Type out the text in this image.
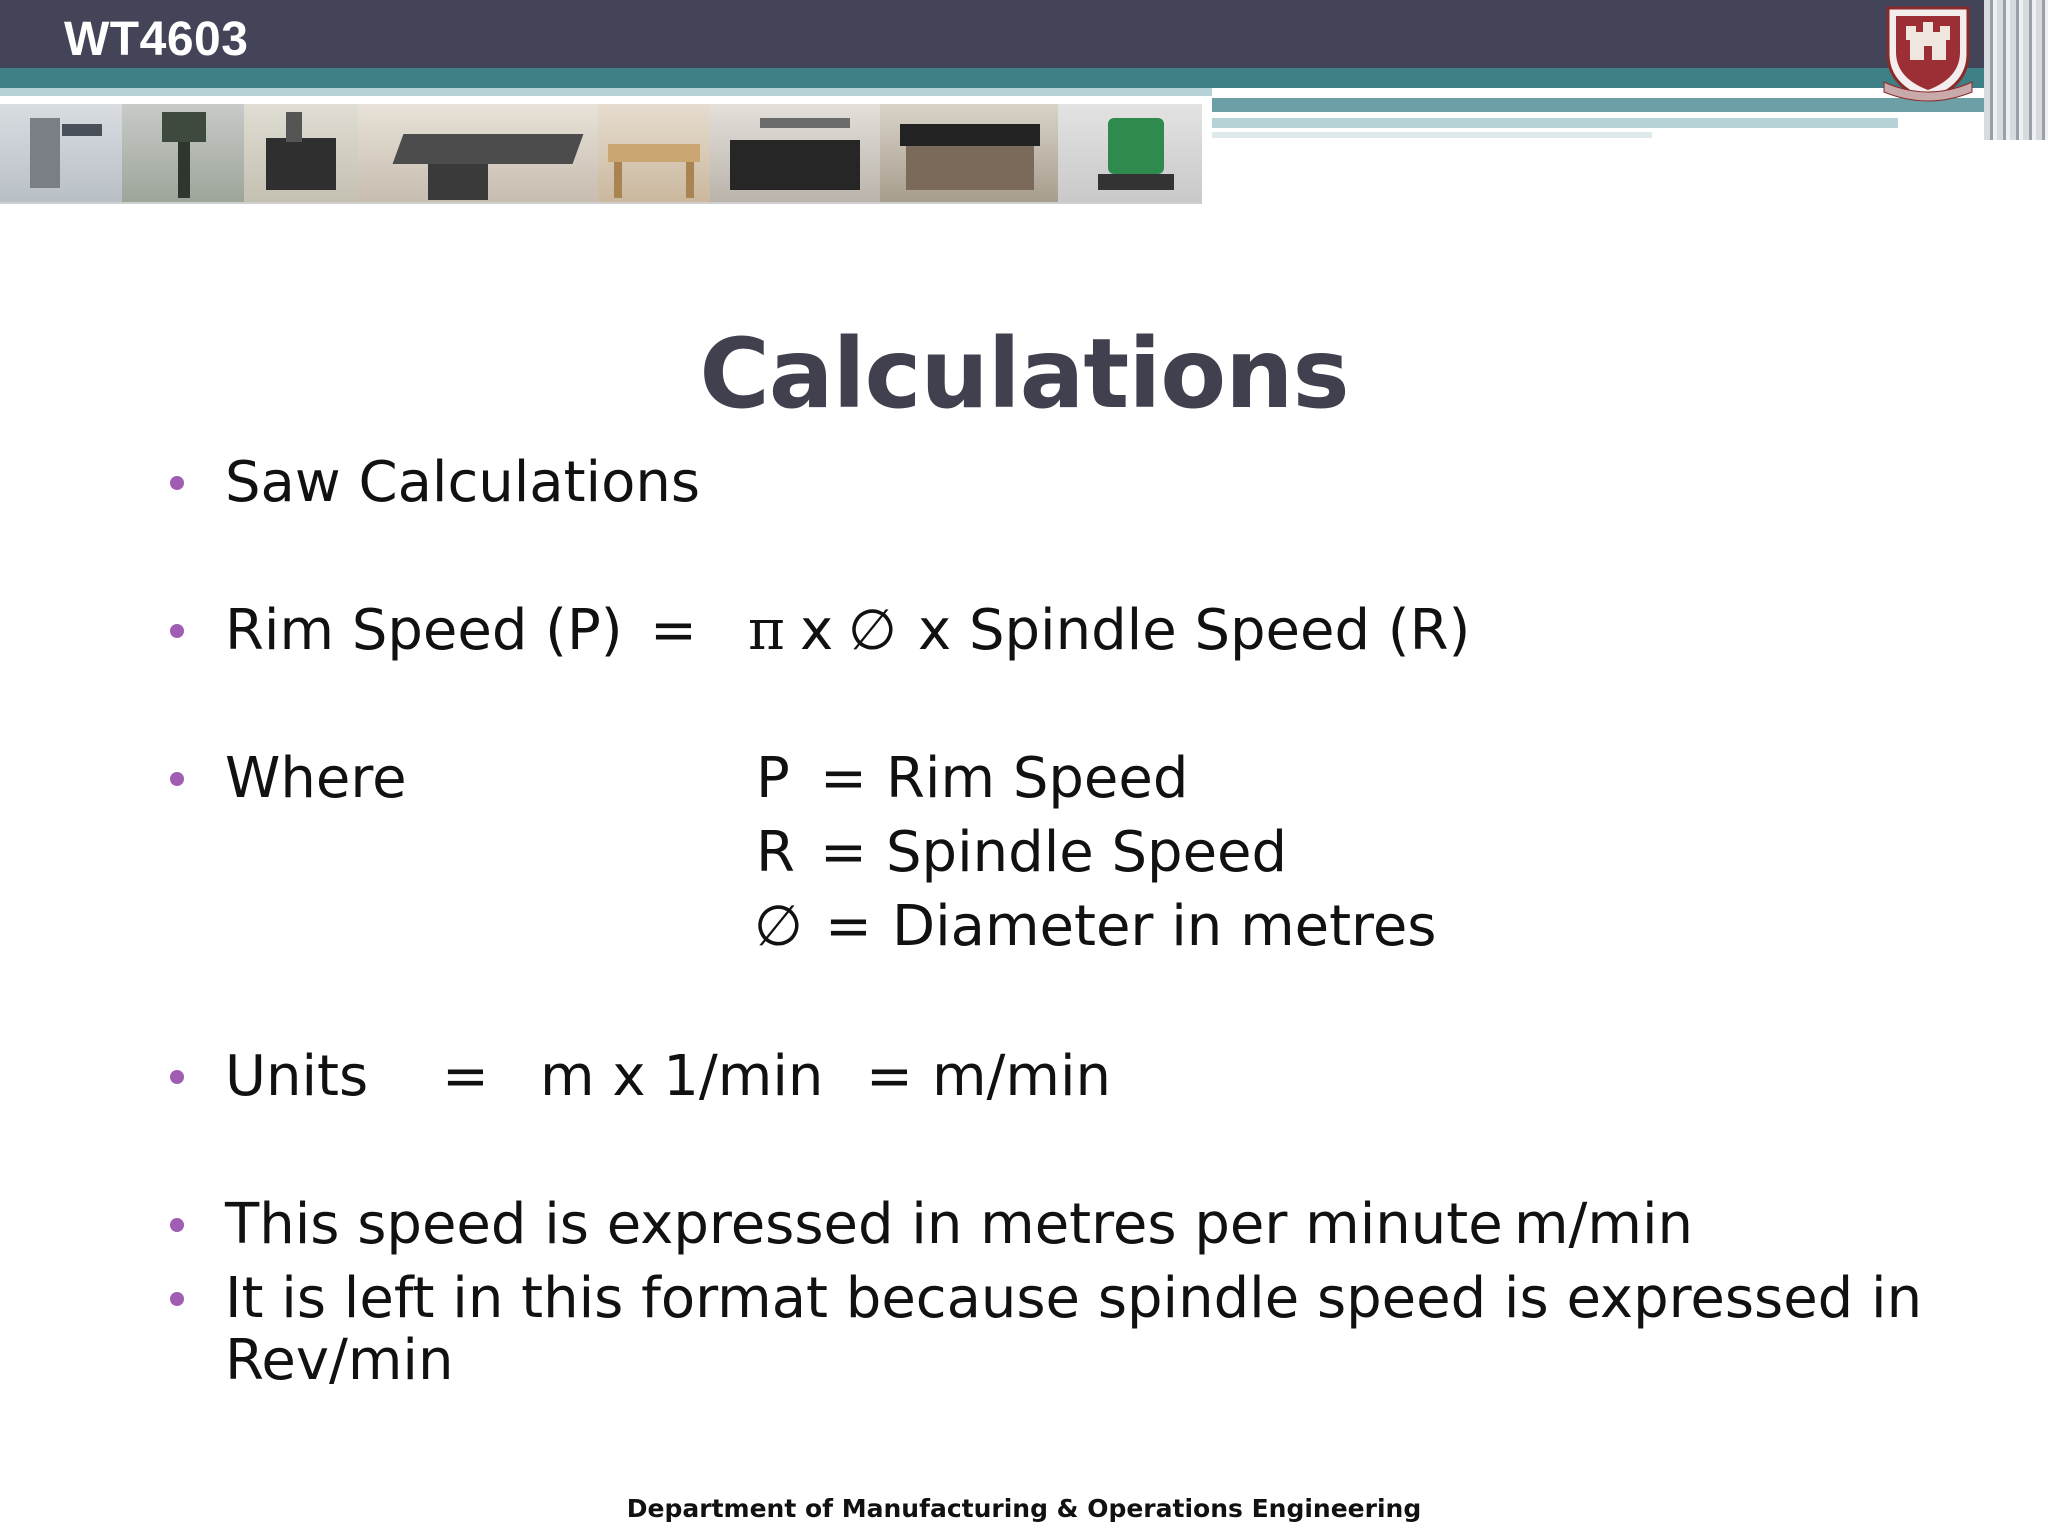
WT4603
Calculations
Saw Calculations
Rim Speed (P) = π x ∅ x Spindle Speed (R)
Where	P = Rim Speed
R = Spindle Speed
∅ = Diameter in metres
Units = m x 1/min = m/min
This speed is expressed in metres per minute m/min
It is left in this format because spindle speed is expressed in
Rev/min
Department of Manufacturing & Operations Engineering
